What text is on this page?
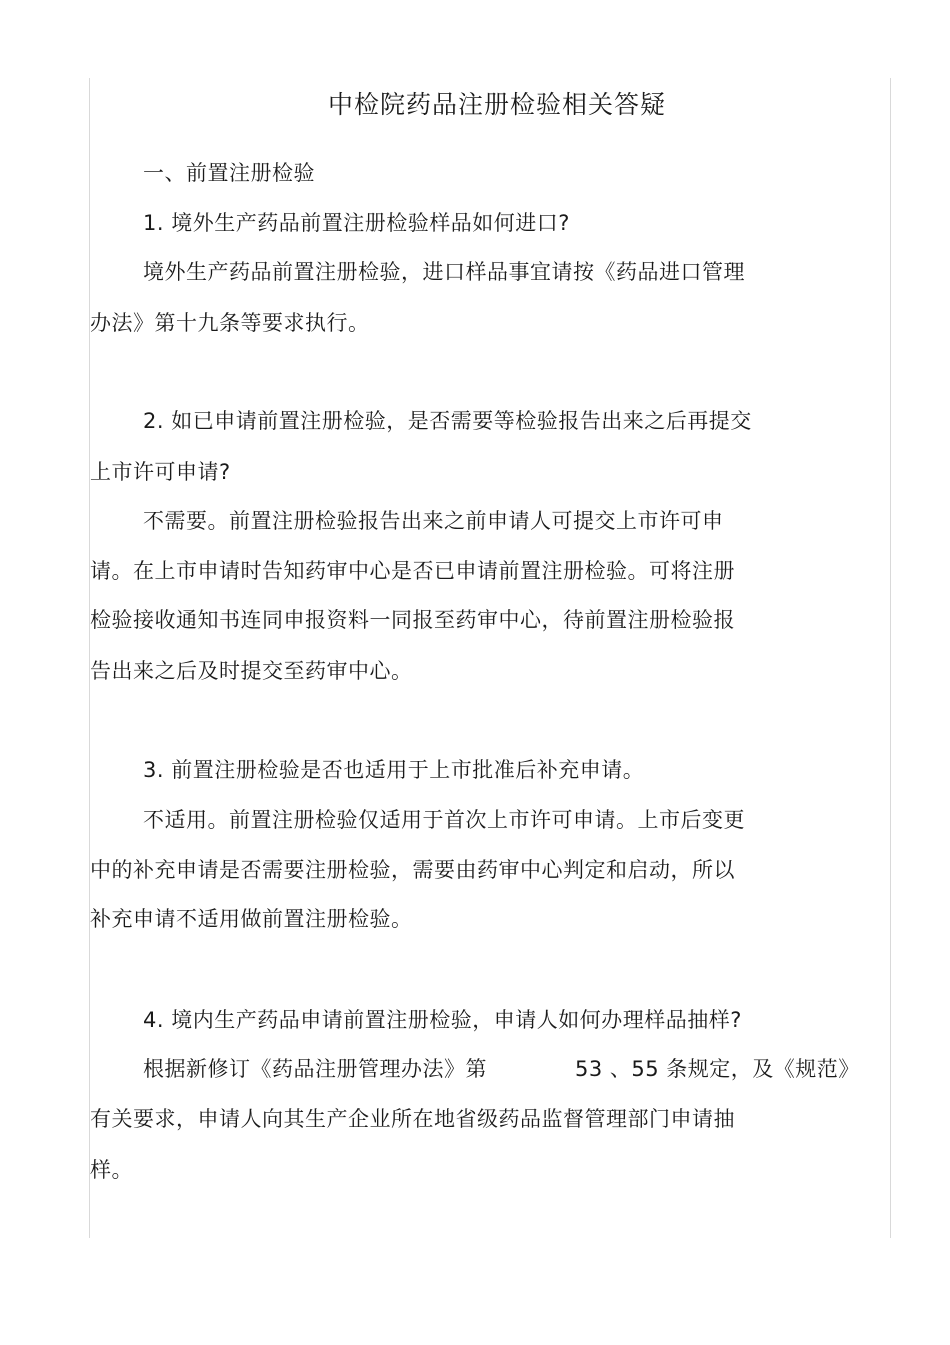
中检院药品注册检验相关答疑
一、前置注册检验
1. 境外生产药品前置注册检验样品如何进口?
境外生产药品前置注册检验，进口样品事宜请按《药品进口管理
办法》第十九条等要求执行。
2. 如已申请前置注册检验，是否需要等检验报告出来之后再提交
上市许可申请?
不需要。前置注册检验报告出来之前申请人可提交上市许可申
请。在上市申请时告知药审中心是否已申请前置注册检验。可将注册
检验接收通知书连同申报资料一同报至药审中心，待前置注册检验报
告出来之后及时提交至药审中心。
3. 前置注册检验是否也适用于上市批准后补充申请。
不适用。前置注册检验仅适用于首次上市许可申请。上市后变更
中的补充申请是否需要注册检验，需要由药审中心判定和启动，所以
补充申请不适用做前置注册检验。
4. 境内生产药品申请前置注册检验，申请人如何办理样品抽样?
根据新修订《药品注册管理办法》第	53 、55 条规定，及《规范》
有关要求，申请人向其生产企业所在地省级药品监督管理部门申请抽
样。
